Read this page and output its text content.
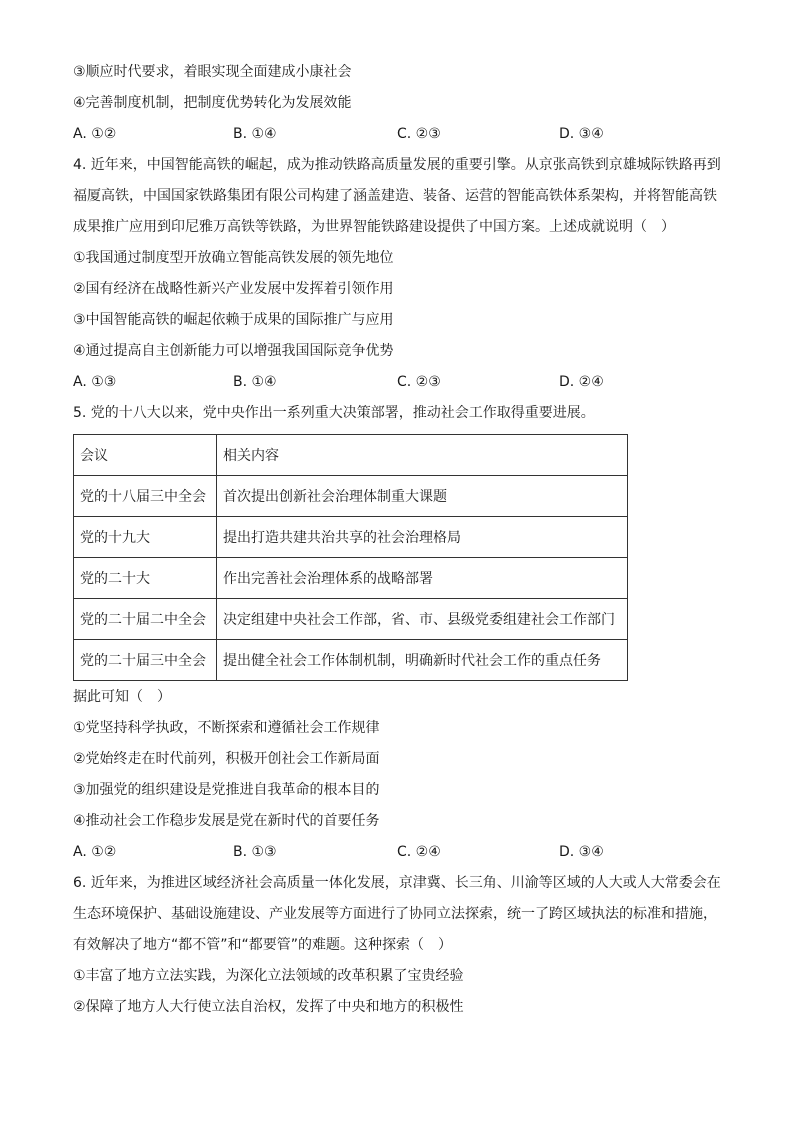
③顺应时代要求，着眼实现全面建成小康社会
④完善制度机制，把制度优势转化为发展效能
A. ①②	B. ①④	C. ②③	D. ③④
4. 近年来，中国智能高铁的崛起，成为推动铁路高质量发展的重要引擎。从京张高铁到京雄城际铁路再到
福厦高铁，中国国家铁路集团有限公司构建了涵盖建造、装备、运营的智能高铁体系架构，并将智能高铁
成果推广应用到印尼雅万高铁等铁路，为世界智能铁路建设提供了中国方案。上述成就说明（　）
①我国通过制度型开放确立智能高铁发展的领先地位
②国有经济在战略性新兴产业发展中发挥着引领作用
③中国智能高铁的崛起依赖于成果的国际推广与应用
④通过提高自主创新能力可以增强我国国际竞争优势
A. ①③	B. ①④	C. ②③	D. ②④
5. 党的十八大以来，党中央作出一系列重大决策部署，推动社会工作取得重要进展。
会议	相关内容
党的十八届三中全会	首次提出创新社会治理体制重大课题
党的十九大	提出打造共建共治共享的社会治理格局
党的二十大	作出完善社会治理体系的战略部署
党的二十届二中全会	决定组建中央社会工作部，省、市、县级党委组建社会工作部门
党的二十届三中全会	提出健全社会工作体制机制，明确新时代社会工作的重点任务
据此可知（　）
①党坚持科学执政，不断探索和遵循社会工作规律
②党始终走在时代前列，积极开创社会工作新局面
③加强党的组织建设是党推进自我革命的根本目的
④推动社会工作稳步发展是党在新时代的首要任务
A. ①②	B. ①③	C. ②④	D. ③④
6. 近年来，为推进区域经济社会高质量一体化发展，京津冀、长三角、川渝等区域的人大或人大常委会在
生态环境保护、基础设施建设、产业发展等方面进行了协同立法探索，统一了跨区域执法的标准和措施，
有效解决了地方“都不管”和“都要管”的难题。这种探索（　）
①丰富了地方立法实践，为深化立法领域的改革积累了宝贵经验
②保障了地方人大行使立法自治权，发挥了中央和地方的积极性
